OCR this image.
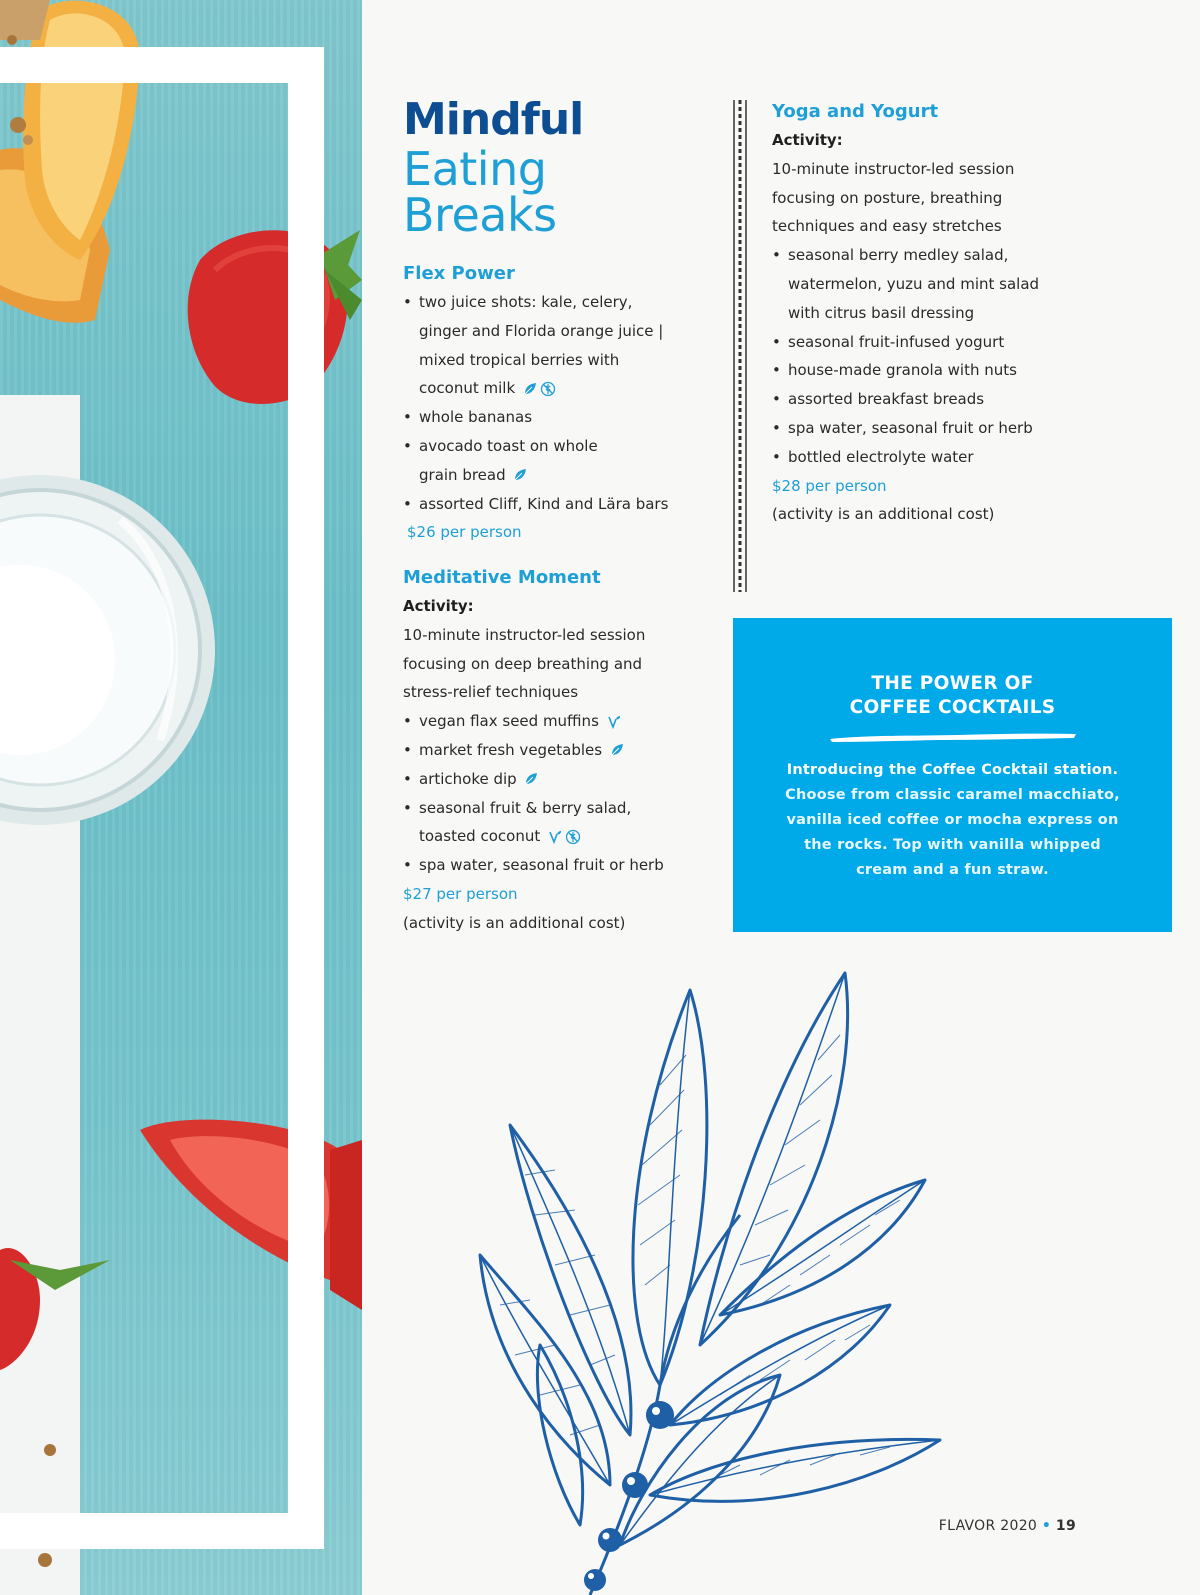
Mindful
Eating
Breaks
Flex Power
• two juice shots: kale, celery,
ginger and Florida orange juice |
mixed tropical berries with
coconut milk
• whole bananas
• avocado toast on whole
grain bread
• assorted Cliff, Kind and Lära bars
$26 per person
Meditative Moment
Activity:
10-minute instructor-led session
focusing on deep breathing and
stress-relief techniques
• vegan flax seed muffins
• market fresh vegetables
• artichoke dip
• seasonal fruit & berry salad,
toasted coconut
• spa water, seasonal fruit or herb
$27 per person
(activity is an additional cost)
Yoga and Yogurt
Activity:
10-minute instructor-led session
focusing on posture, breathing
techniques and easy stretches
• seasonal berry medley salad,
watermelon, yuzu and mint salad
with citrus basil dressing
• seasonal fruit-infused yogurt
• house-made granola with nuts
• assorted breakfast breads
• spa water, seasonal fruit or herb
• bottled electrolyte water
$28 per person
(activity is an additional cost)
THE POWER OF
COFFEE COCKTAILS
Introducing the Coffee Cocktail station. Choose from classic caramel macchiato, vanilla iced coffee or mocha express on the rocks. Top with vanilla whipped cream and a fun straw.
FLAVOR 2020 • 19
